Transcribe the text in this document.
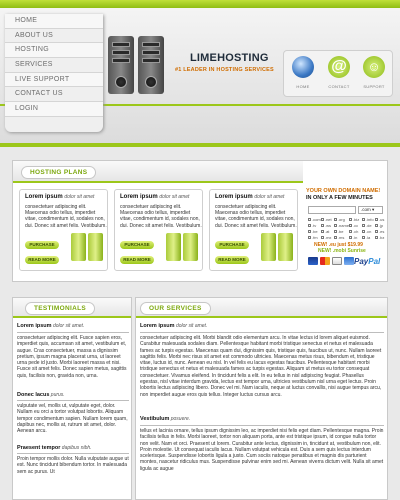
HOME
ABOUT US
HOSTING
SERVICES
LIVE SUPPORT
CONTACT US
LOGIN
LIMEHOSTING
#1 LEADER IN HOSTING SERVICES
HOME
@
CONTACT
☺
SUPPORT
HOSTING PLANS
Lorem ipsum dolor sit amet
consectetuer adipiscing elit. Maecenas odio tellus, imperdiet vitae, condimentum id, sodales non, dui. Donec sit amet felis. Vestibulum.
PURCHASE
READ MORE
Lorem ipsum dolor sit amet
consectetuer adipiscing elit. Maecenas odio tellus, imperdiet vitae, condimentum id, sodales non, dui. Donec sit amet felis. Vestibulum.
PURCHASE
READ MORE
Lorem ipsum dolor sit amet
consectetuer adipiscing elit. Maecenas odio tellus, imperdiet vitae, condimentum id, sodales non, dui. Donec sit amet felis. Vestibulum.
PURCHASE
READ MORE
YOUR OWN DOMAIN NAME!
IN ONLY A FEW MINUTES
.com ▾
.com .net .org .biz .info .us
.tv .ws .name .cc .de .jp
.be .at .be .ch .cn .es
.fm .mx .ms .in .la .bz
NEW! .eu just $19.99
NEW! .mobi Sunrise
PayPal
TESTIMONIALS
Lorem ipsum dolor sit amet.
consectetuer adipiscing elit. Fusce sapien eros, imperdiet quis, accumsan sit amet, vestibulum et, augue. Cras consectetuer, massa a dignissim pretium, ipsum magna placerat urna, ut laoreet urna pede id justo. Morbi laoreet massa et nisi. Fusce sit amet felis. Donec sapien metus, sagittis quis, facilisis non, gravida non, urna.
Donec lacus purus.
vulputate vel, mollis ut, vulputate eget, dolor. Nullam eu orci a tortor volutpat lobortis. Aliquam tempor condimentum sapien. Nullam lorem quam, dapibus nec, mollis at, rutrum sit amet, dolor. Aenean arcu.
Praesent tempor dapibus nibh.
Proin tempor mollis dolor. Nulla vulputate augue ut est. Nunc tincidunt bibendum tortor. In malesuada sem ac purus. Ut
OUR SERVICES
Lorem ipsum dolor sit amet.
consectetuer adipiscing elit. Morbi blandit odio elementum arcu. In vitae lectus id lorem aliquet euismod. Curabitur malesuada sodales diam. Pellentesque habitant morbi tristique senectus et netus et malesuada fames ac turpis egestas. Maecenas quam dui, dignissim quis, tristique quis, faucibus ut, nunc. Nullam laoreet sagittis felis. Morbi nec risus sit amet est commodo ultricies. Maecenas metus risus, bibendum et, tristique vitae, luctus id, nunc. Aenean eu nisl. In vel felis eu lacus egestas faucibus. Pellentesque habitant morbi tristique senectus et netus et malesuada fames ac turpis egestas. Aliquam ut metus eu tortor consequat consectetuer. Vivamus eleifend. In tincidunt felis a elit. In eu tellus in nisl adipiscing feugiat. Phasellus egestas, nisl vitae interdum gravida, lectus est tempor urna, ultricies vestibulum nisl urna eget lectus. Proin lobortis lectus adipiscing libero. Donec vel mi. Nam iaculis, neque at luctus convallis, nisi augue tempus arcu, non imperdiet augue eros quis tellus. Integer luctus cursus arcu.
Vestibulum posuere.
tellus et lacinia ornare, tellus ipsum dignissim leo, ac imperdiet nisi felis eget diam. Pellentesque magna. Proin facilisis tellus in felis. Morbi laoreet, tortor non aliquam porta, ante est tristique ipsum, id congue nulla tortor non velit. Nam et orci. Praesent ut lorem. Curabitur ante lectus, dignissim in, tincidunt at, vestibulum non, elit. Proin molestie. Ut consequat iaculis lacus. Nullam volutpat vehicula est. Duis a sem quis lectus interdum scelerisque. Suspendisse lobortis ligula a justo. Cum sociis natoque penatibus et magnis dis parturient montes, nascetur ridiculus mus. Suspendisse pulvinar enim sed mi. Aenean viverra dictum velit. Nulla sit amet ligula ac augue
